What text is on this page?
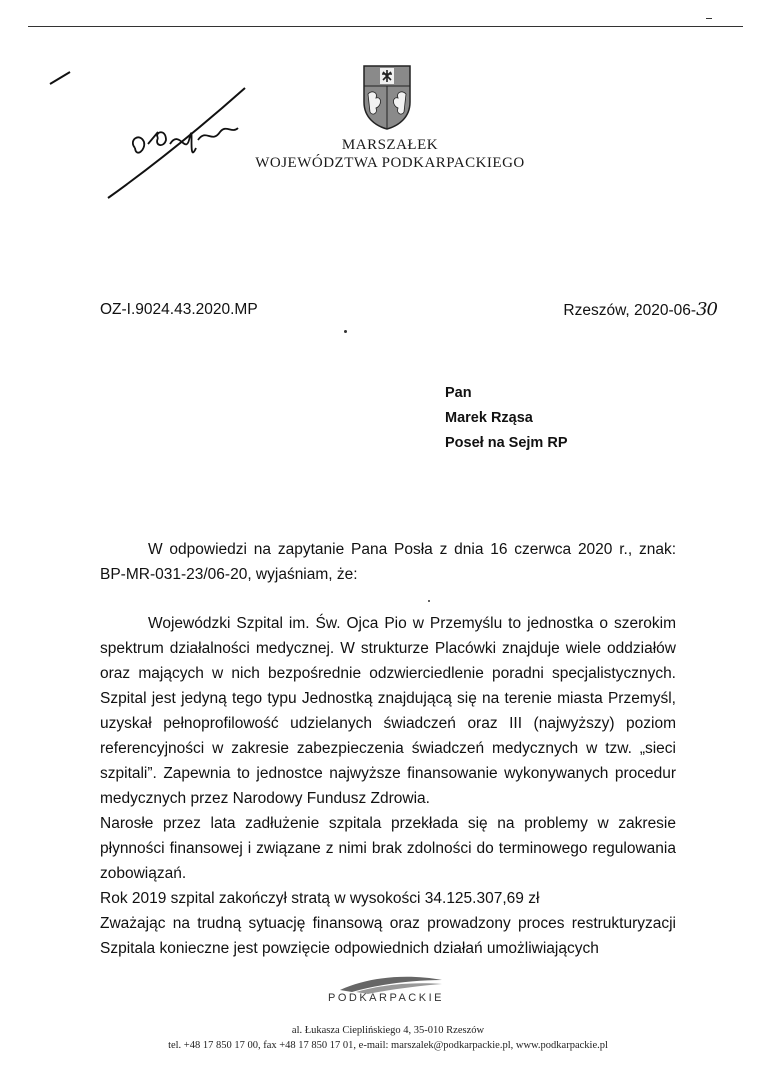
MARSZAŁEK
WOJEWÓDZTWA PODKARPACKIEGO
OZ-I.9024.43.2020.MP	Rzeszów, 2020-06-30
Pan
Marek Rząsa
Poseł na Sejm RP

W odpowiedzi na zapytanie Pana Posła z dnia 16 czerwca 2020 r., znak: BP-MR-031-23/06-20, wyjaśniam, że:

Wojewódzki Szpital im. Św. Ojca Pio w Przemyślu to jednostka o szerokim spektrum działalności medycznej. W strukturze Placówki znajduje wiele oddziałów oraz mających w nich bezpośrednie odzwierciedlenie poradni specjalistycznych. Szpital jest jedyną tego typu Jednostką znajdującą się na terenie miasta Przemyśl, uzyskał pełnoprofilowość udzielanych świadczeń oraz III (najwyższy) poziom referencyjności w zakresie zabezpieczenia świadczeń medycznych w tzw. „sieci szpitali”. Zapewnia to jednostce najwyższe finansowanie wykonywanych procedur medycznych przez Narodowy Fundusz Zdrowia.

Narosłe przez lata zadłużenie szpitala przekłada się na problemy w zakresie płynności finansowej i związane z nimi brak zdolności do terminowego regulowania zobowiązań.

Rok 2019 szpital zakończył stratą w wysokości 34.125.307,69 zł

Zważając na trudną sytuację finansową oraz prowadzony proces restrukturyzacji Szpitala konieczne jest powzięcie odpowiednich działań umożliwiających

PODKARPACKIE
al. Łukasza Cieplińskiego 4, 35-010 Rzeszów
tel. +48 17 850 17 00, fax +48 17 850 17 01, e-mail: marszalek@podkarpackie.pl, www.podkarpackie.pl
